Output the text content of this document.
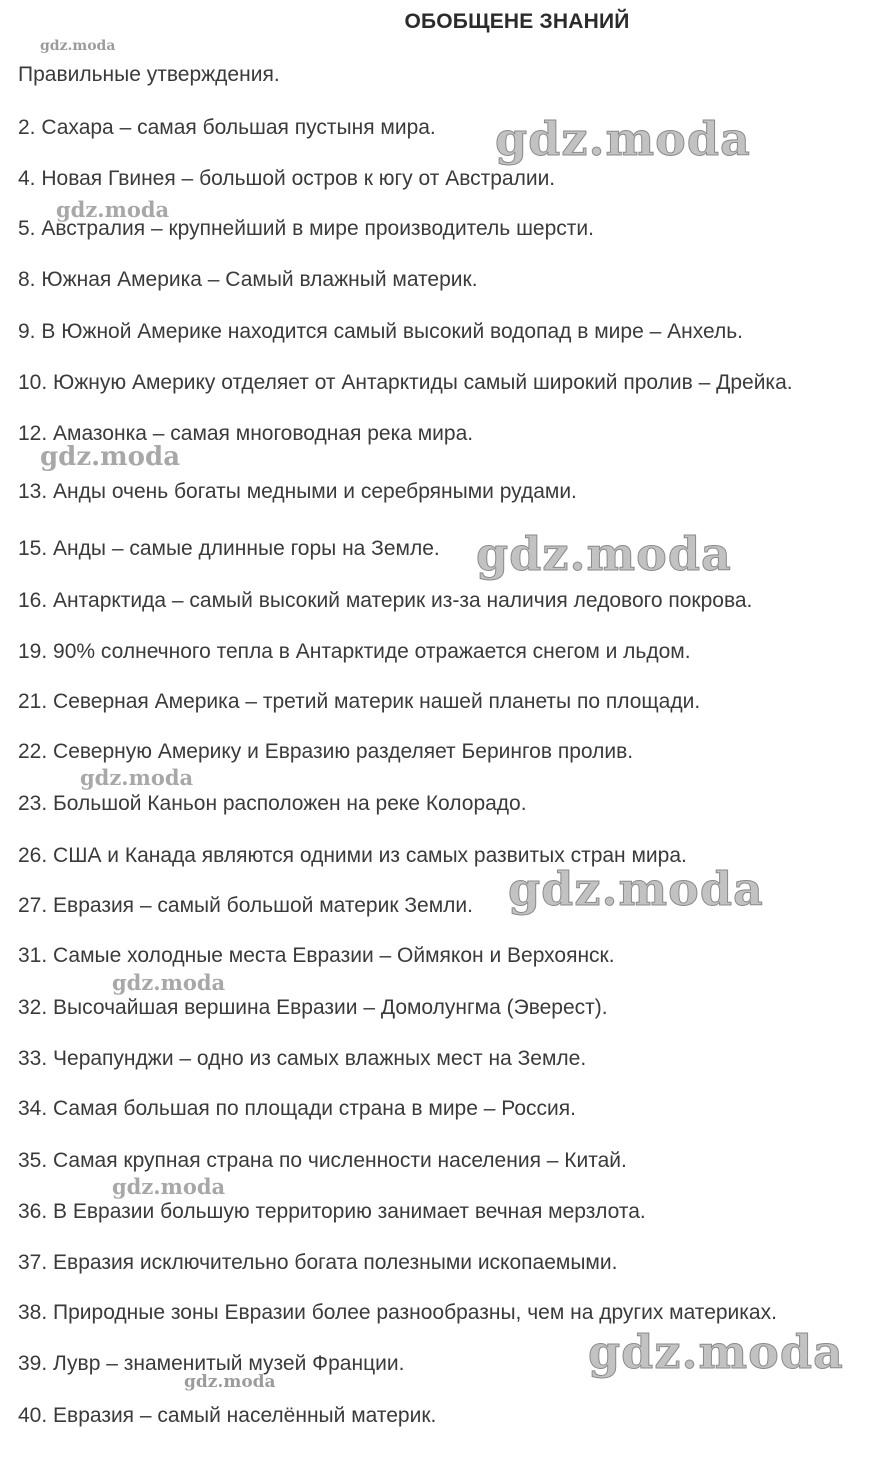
ОБОБЩЕНЕ ЗНАНИЙ
Правильные утверждения.
2. Сахара – самая большая пустыня мира.
4. Новая Гвинея – большой остров к югу от Австралии.
5. Австралия – крупнейший в мире производитель шерсти.
8. Южная Америка – Самый влажный материк.
9. В Южной Америке находится самый высокий водопад в мире – Анхель.
10. Южную Америку отделяет от Антарктиды самый широкий пролив – Дрейка.
12. Амазонка – самая многоводная река мира.
13. Анды очень богаты медными и серебряными рудами.
15. Анды – самые длинные горы на Земле.
16. Антарктида – самый высокий материк из-за наличия ледового покрова.
19. 90% солнечного тепла в Антарктиде отражается снегом и льдом.
21. Северная Америка – третий материк нашей планеты по площади.
22. Северную Америку и Евразию разделяет Берингов пролив.
23. Большой Каньон расположен на реке Колорадо.
26. США и Канада являются одними из самых развитых стран мира.
27. Евразия – самый большой материк Земли.
31. Самые холодные места Евразии – Оймякон и Верхоянск.
32. Высочайшая вершина Евразии – Домолунгма (Эверест).
33. Черапунджи – одно из самых влажных мест на Земле.
34. Самая большая по площади страна в мире – Россия.
35. Самая крупная страна по численности населения – Китай.
36. В Евразии большую территорию занимает вечная мерзлота.
37. Евразия исключительно богата полезными ископаемыми.
38. Природные зоны Евразии более разнообразны, чем на других материках.
39. Лувр – знаменитый музей Франции.
40. Евразия – самый населённый материк.
gdz.moda
gdz.moda
gdz.moda
gdz.moda
gdz.moda
gdz.moda
gdz.moda
gdz.moda
gdz.moda
gdz.moda
gdz.moda
